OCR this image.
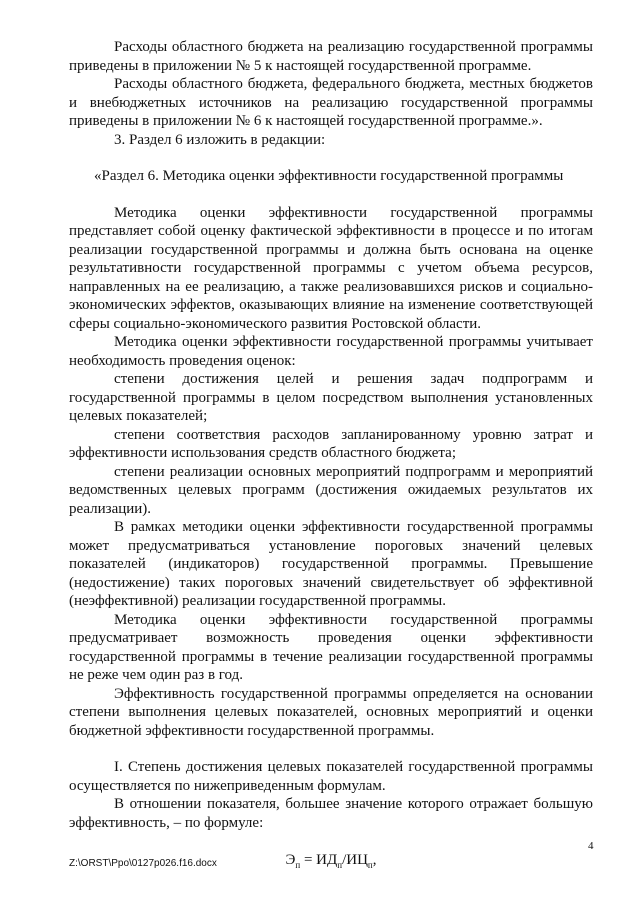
Расходы областного бюджета на реализацию государственной программы приведены в приложении № 5 к настоящей государственной программе.

Расходы областного бюджета, федерального бюджета, местных бюджетов и внебюджетных источников на реализацию государственной программы приведены в приложении № 6 к настоящей государственной программе.».

3. Раздел 6 изложить в редакции:

«Раздел 6. Методика оценки эффективности государственной программы

Методика оценки эффективности государственной программы представляет собой оценку фактической эффективности в процессе и по итогам реализации государственной программы и должна быть основана на оценке результативности государственной программы с учетом объема ресурсов, направленных на ее реализацию, а также реализовавшихся рисков и социально-экономических эффектов, оказывающих влияние на изменение соответствующей сферы социально-экономического развития Ростовской области.

Методика оценки эффективности государственной программы учитывает необходимость проведения оценок:

степени достижения целей и решения задач подпрограмм и государственной программы в целом посредством выполнения установленных целевых показателей;

степени соответствия расходов запланированному уровню затрат и эффективности использования средств областного бюджета;

степени реализации основных мероприятий подпрограмм и мероприятий ведомственных целевых программ (достижения ожидаемых результатов их реализации).

В рамках методики оценки эффективности государственной программы может предусматриваться установление пороговых значений целевых показателей (индикаторов) государственной программы. Превышение (недостижение) таких пороговых значений свидетельствует об эффективной (неэффективной) реализации государственной программы.

Методика оценки эффективности государственной программы предусматривает возможность проведения оценки эффективности государственной программы в течение реализации государственной программы не реже чем один раз в год.

Эффективность государственной программы определяется на основании степени выполнения целевых показателей, основных мероприятий и оценки бюджетной эффективности государственной программы.

I. Степень достижения целевых показателей государственной программы осуществляется по нижеприведенным формулам.

В отношении показателя, большее значение которого отражает большую эффективность, – по формуле:

$Э_п = ИД_п/ИЦ_п$,
4
Z:\ORST\Ppo\0127p026.f16.docx
